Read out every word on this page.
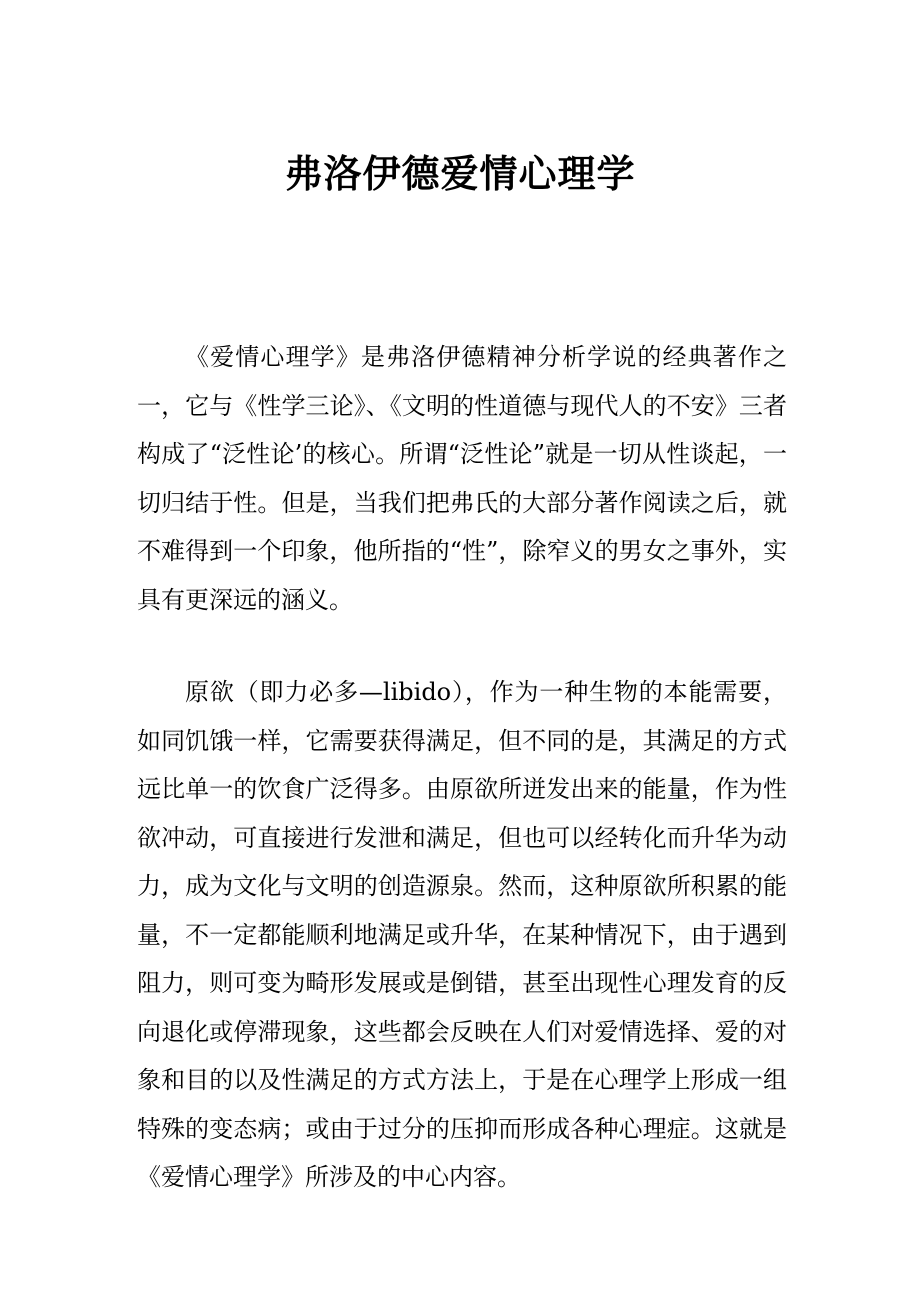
弗洛伊德爱情心理学

《爱情心理学》是弗洛伊德精神分析学说的经典著作之一，它与《性学三论》、《文明的性道德与现代人的不安》三者构成了“泛性论’的核心。所谓“泛性论”就是一切从性谈起，一切归结于性。但是，当我们把弗氏的大部分著作阅读之后，就不难得到一个印象，他所指的“性”，除窄义的男女之事外，实具有更深远的涵义。

原欲（即力必多—libido），作为一种生物的本能需要，如同饥饿一样，它需要获得满足，但不同的是，其满足的方式远比单一的饮食广泛得多。由原欲所迸发出来的能量，作为性欲冲动，可直接进行发泄和满足，但也可以经转化而升华为动力，成为文化与文明的创造源泉。然而，这种原欲所积累的能量，不一定都能顺利地满足或升华，在某种情况下，由于遇到阻力，则可变为畸形发展或是倒错，甚至出现性心理发育的反向退化或停滞现象，这些都会反映在人们对爱情选择、爱的对象和目的以及性满足的方式方法上，于是在心理学上形成一组特殊的变态病；或由于过分的压抑而形成各种心理症。这就是《爱情心理学》所涉及的中心内容。
